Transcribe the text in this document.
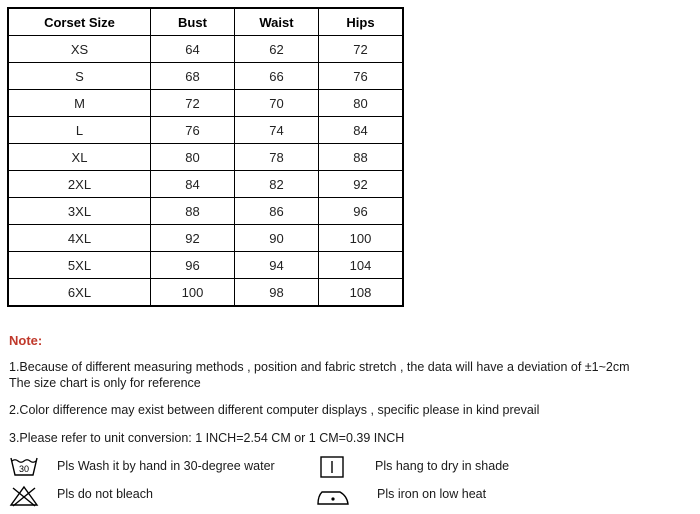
Corset Size	Bust	Waist	Hips
XS	64	62	72
S	68	66	76
M	72	70	80
L	76	74	84
XL	80	78	88
2XL	84	82	92
3XL	88	86	96
4XL	92	90	100
5XL	96	94	104
6XL	100	98	108
Note:
1.Because of different measuring methods , position and fabric stretch , the data will have a deviation of ±1~2cm
The size chart is only for reference
2.Color difference may exist between different computer displays , specific please in kind prevail
3.Please refer to unit conversion: 1 INCH=2.54 CM or 1 CM=0.39 INCH
30 Pls Wash it by hand in 30-degree water	Pls hang to dry in shade
Pls do not bleach	Pls iron on low heat
